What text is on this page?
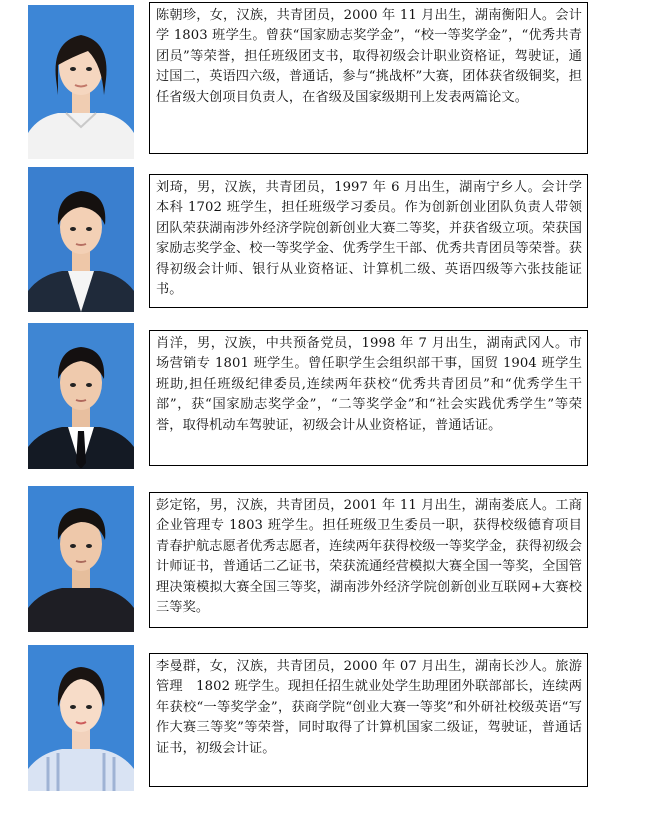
陈朝珍，女，汉族，共青团员，2000 年 11 月出生，湖南衡阳人。会计学 1803 班学生。曾获“国家励志奖学金”，“校一等奖学金”，“优秀共青团员”等荣誉，担任班级团支书，取得初级会计职业资格证，驾驶证，通过国二，英语四六级，普通话，参与“挑战杯”大赛，团体获省级铜奖，担任省级大创项目负责人，在省级及国家级期刊上发表两篇论文。
刘琦，男，汉族，共青团员，1997 年 6 月出生，湖南宁乡人。会计学本科 1702 班学生，担任班级学习委员。作为创新创业团队负责人带领团队荣获湖南涉外经济学院创新创业大赛二等奖，并获省级立项。荣获国家励志奖学金、校一等奖学金、优秀学生干部、优秀共青团员等荣誉。获得初级会计师、银行从业资格证、计算机二级、英语四级等六张技能证书。
肖洋，男，汉族，中共预备党员，1998 年 7 月出生，湖南武冈人。市场营销专 1801 班学生。曾任职学生会组织部干事，国贸 1904 班学生班助,担任班级纪律委员,连续两年获校“优秀共青团员”和“优秀学生干部”，获“国家励志奖学金”，“二等奖学金”和“社会实践优秀学生”等荣誉，取得机动车驾驶证，初级会计从业资格证，普通话证。
彭定铭，男，汉族，共青团员，2001 年 11 月出生，湖南娄底人。工商企业管理专 1803 班学生。担任班级卫生委员一职，获得校级德育项目青春护航志愿者优秀志愿者，连续两年获得校级一等奖学金，获得初级会计师证书，普通话二乙证书，荣获流通经营模拟大赛全国一等奖，全国管理决策模拟大赛全国三等奖，湖南涉外经济学院创新创业互联网+大赛校三等奖。
李曼群，女，汉族，共青团员，2000 年 07 月出生，湖南长沙人。旅游管理　1802 班学生。现担任招生就业处学生助理团外联部部长，连续两年获校“一等奖学金”，获商学院“创业大赛一等奖”和外研社校级英语“写作大赛三等奖”等荣誉，同时取得了计算机国家二级证，驾驶证，普通话证书，初级会计证。
